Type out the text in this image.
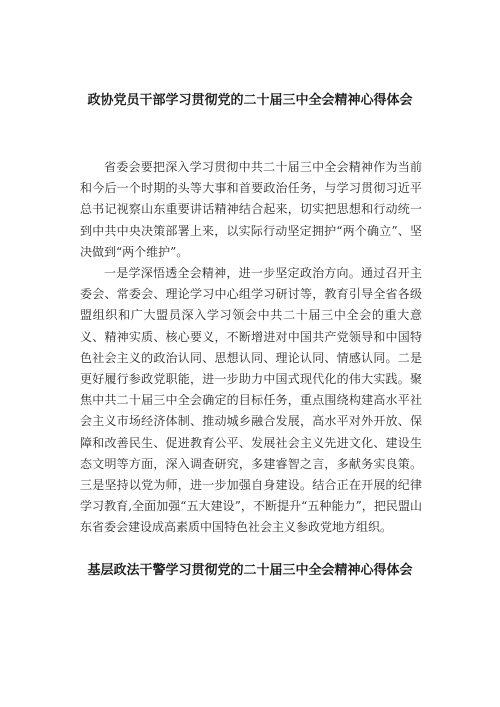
政协党员干部学习贯彻党的二十届三中全会精神心得体会

省委会要把深入学习贯彻中共二十届三中全会精神作为当前和今后一个时期的头等大事和首要政治任务，与学习贯彻习近平总书记视察山东重要讲话精神结合起来，切实把思想和行动统一到中共中央决策部署上来，以实际行动坚定拥护“两个确立”、坚决做到“两个维护”。

一是学深悟透全会精神，进一步坚定政治方向。通过召开主委会、常委会、理论学习中心组学习研讨等，教育引导全省各级盟组织和广大盟员深入学习领会中共二十届三中全会的重大意义、精神实质、核心要义，不断增进对中国共产党领导和中国特色社会主义的政治认同、思想认同、理论认同、情感认同。二是更好履行参政党职能，进一步助力中国式现代化的伟大实践。聚焦中共二十届三中全会确定的目标任务，重点围绕构建高水平社会主义市场经济体制、推动城乡融合发展，高水平对外开放、保障和改善民生、促进教育公平、发展社会主义先进文化、建设生态文明等方面，深入调查研究，多建睿智之言，多献务实良策。三是坚持以党为师，进一步加强自身建设。结合正在开展的纪律学习教育,全面加强“五大建设”，不断提升“五种能力”，把民盟山东省委会建设成高素质中国特色社会主义参政党地方组织。

基层政法干警学习贯彻党的二十届三中全会精神心得体会
